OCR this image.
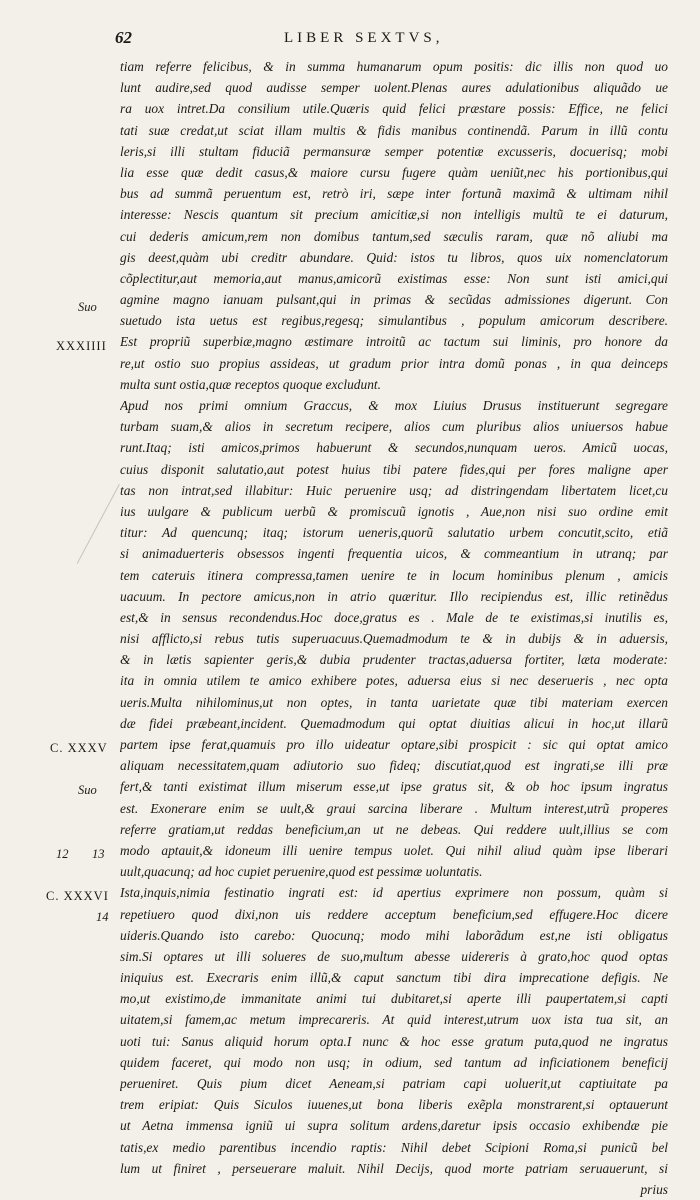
62	LIBER SEXTVS,
Suo
XXXIIII
C. XXXV
Suo
12 13
C. XXXVI
14
tiam referre felicibus, & in summa humanarum opum positis: dic illis non quod uo
lunt audire,sed quod audisse semper uolent.Plenas aures adulationibus aliquãdo ue
ra uox intret.Da consilium utile.Quæris quid felici præstare possis: Effice, ne felici
tati suæ credat,ut sciat illam multis & fidis manibus continendã. Parum in illũ contu
leris,si illi stultam fiduciã permansuræ semper potentiæ excusseris, docuerisq; mobi
lia esse quæ dedit casus,& maiore cursu fugere quàm ueniũt,nec his portionibus,qui
bus ad summã peruentum est, retrò iri, sæpe inter fortunã maximã & ultimam nihil
interesse: Nescis quantum sit precium amicitiæ,si non intelligis multũ te ei daturum,
cui dederis amicum,rem non domibus tantum,sed sæculis raram, quæ nõ aliubi ma
gis deest,quàm ubi creditr abundare. Quid: istos tu libros, quos uix nomenclatorum
cõplectitur,aut memoria,aut manus,amicorũ existimas esse: Non sunt isti amici,qui
agmine magno ianuam pulsant,qui in primas & secũdas admissiones digerunt. Con
suetudo ista uetus est regibus,regesq; simulantibus , populum amicorum describere.
Est propriũ superbiæ,magno æstimare introitũ ac tactum sui liminis, pro honore da
re,ut ostio suo propius assideas, ut gradum prior intra domũ ponas , in qua deinceps
multa sunt ostia,quæ receptos quoque excludunt.
Apud nos primi omnium Graccus, & mox Liuius Drusus instituerunt segregare
turbam suam,& alios in secretum recipere, alios cum pluribus alios uniuersos habue
runt.Itaq; isti amicos,primos habuerunt & secundos,nunquam ueros. Amicũ uocas,
cuius disponit salutatio,aut potest huius tibi patere fides,qui per fores maligne aper
tas non intrat,sed illabitur: Huic peruenire usq; ad distringendam libertatem licet,cu
ius uulgare & publicum uerbũ & promiscuũ ignotis , Aue,non nisi suo ordine emit
titur: Ad quencunq; itaq; istorum ueneris,quorũ salutatio urbem concutit,scito, etiã
si animaduerteris obsessos ingenti frequentia uicos, & commeantium in utranq; par
tem cateruis itinera compressa,tamen uenire te in locum hominibus plenum , amicis
uacuum. In pectore amicus,non in atrio quæritur. Illo recipiendus est, illic retinẽdus
est,& in sensus recondendus.Hoc doce,gratus es . Male de te existimas,si inutilis es,
nisi afflicto,si rebus tutis superuacuus.Quemadmodum te & in dubijs & in aduersis,
& in lætis sapienter geris,& dubia prudenter tractas,aduersa fortiter, læta moderate:
ita in omnia utilem te amico exhibere potes, aduersa eius si nec deserueris , nec opta
ueris.Multa nihilominus,ut non optes, in tanta uarietate quæ tibi materiam exercen
dæ fidei præbeant,incident. Quemadmodum qui optat diuitias alicui in hoc,ut illarũ
partem ipse ferat,quamuis pro illo uideatur optare,sibi prospicit : sic qui optat amico
aliquam necessitatem,quam adiutorio suo fideq; discutiat,quod est ingrati,se illi præ
fert,& tanti existimat illum miserum esse,ut ipse gratus sit, & ob hoc ipsum ingratus
est. Exonerare enim se uult,& graui sarcina liberare . Multum interest,utrũ properes
referre gratiam,ut reddas beneficium,an ut ne debeas. Qui reddere uult,illius se com
modo aptauit,& idoneum illi uenire tempus uolet. Qui nihil aliud quàm ipse liberari
uult,quacunq; ad hoc cupiet peruenire,quod est pessimæ uoluntatis.
Ista,inquis,nimia festinatio ingrati est: id apertius exprimere non possum, quàm si
repetiuero quod dixi,non uis reddere acceptum beneficium,sed effugere.Hoc dicere
uideris.Quando isto carebo: Quocunq; modo mihi laborãdum est,ne isti obligatus
sim.Si optares ut illi solueres de suo,multum abesse uidereris à grato,hoc quod optas
iniquius est. Execraris enim illũ,& caput sanctum tibi dira imprecatione defigis. Ne
mo,ut existimo,de immanitate animi tui dubitaret,si aperte illi paupertatem,si capti
uitatem,si famem,ac metum imprecareris. At quid interest,utrum uox ista tua sit, an
uoti tui: Sanus aliquid horum opta.I nunc & hoc esse gratum puta,quod ne ingratus
quidem faceret, qui modo non usq; in odium, sed tantum ad inficiationem beneficij
perueniret. Quis pium dicet Aeneam,si patriam capi uoluerit,ut captiuitate pa
trem eripiat: Quis Siculos iuuenes,ut bona liberis exẽpla monstrarent,si optauerunt
ut Aetna immensa igniũ ui supra solitum ardens,daretur ipsis occasio exhibendæ pie
tatis,ex medio parentibus incendio raptis: Nihil debet Scipioni Roma,si punicũ bel
lum ut finiret , perseuerare maluit. Nihil Decijs, quod morte patriam seruauerunt, si
prius
